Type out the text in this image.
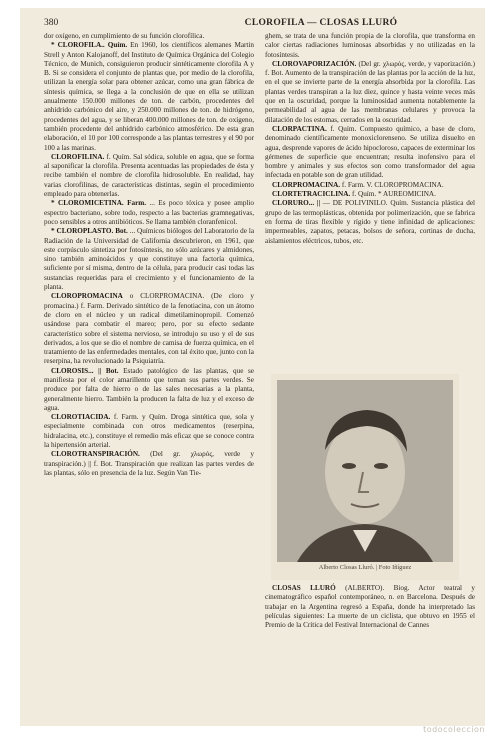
380	CLOROFILA — CLOSAS LLURÓ

dor oxígeno, en cumplimiento de su función clorofílica.

* CLOROFILA.. Quím. En 1960, los científicos alemanes Martin Strell y Anton Kalojanoff, del Instituto de Química Orgánica del Colegio Técnico, de Munich, consiguieron producir sintéticamente clorofila A y B. Si se considera el conjunto de plantas que, por medio de la clorofila, utilizan la energía solar para obtener azúcar, como una gran fábrica de síntesis química, se llega a la conclusión de que en ella se utilizan anualmente 150.000 millones de ton. de carbón, procedentes del anhídrido carbónico del aire, y 250.000 millones de ton. de hidrógeno, procedentes del agua, y se liberan 400.000 millones de ton. de oxígeno, también procedente del anhídrido carbónico atmosférico. De esta gran elaboración, el 10 por 100 corresponde a las plantas terrestres y el 90 por 100 a las marinas.

CLOROFILINA. f. Quím. Sal sódica, soluble en agua, que se forma al saponificar la clorofila. Presenta acentuadas las propiedades de ésta y recibe también el nombre de clorofila hidrosoluble. En realidad, hay varias clorofilinas, de características distintas, según el procedimiento empleado para obtenerlas.

* CLOROMICETINA. Farm. ... Es poco tóxica y posee amplio espectro bacteriano, sobre todo, respecto a las bacterias gramnegativas, poco sensibles a otros antibióticos. Se llama también cloranfenicol.

* CLOROPLASTO. Bot. ... Químicos biólogos del Laboratorio de la Radiación de la Universidad de California descubrieron, en 1961, que este corpúsculo sintetiza por fotosíntesis, no sólo azúcares y almidones, sino también aminoácidos y que constituye una factoría química, suficiente por sí misma, dentro de la célula, para producir casi todas las sustancias requeridas para el crecimiento y el funcionamiento de la planta.

CLOROPROMACINA o CLORPROMACINA. (De cloro y promacina.) f. Farm. Derivado sintético de la fenotiacina, con un átomo de cloro en el núcleo y un radical dimetilaminopropil. Comenzó usándose para combatir el mareo; pero, por su efecto sedante característico sobre el sistema nervioso, se introdujo su uso y el de sus derivados, a los que se dio el nombre de camisa de fuerza química, en el tratamiento de las enfermedades mentales, con tal éxito que, junto con la reserpina, ha revolucionado la Psiquiatría.

CLOROSIS... || Bot. Estado patológico de las plantas, que se manifiesta por el color amarillento que toman sus partes verdes. Se produce por falta de hierro o de las sales necesarias a la planta, generalmente hierro. También la producen la falta de luz y el exceso de agua.

CLOROTIACIDA. f. Farm. y Quím. Droga sintética que, sola y especialmente combinada con otros medicamentos (reserpina, hidralacina, etc.), constituye el remedio más eficaz que se conoce contra la hipertensión arterial.

CLOROTRANSPIRACIÓN. (Del gr. χλωρός, verde y transpiración.) || f. Bot. Transpiración que realizan las partes verdes de las plantas, sólo en presencia de la luz. Según Van Tie-

ghem, se trata de una función propia de la clorofila, que transforma en calor ciertas radiaciones luminosas absorbidas y no utilizadas en la fotosíntesis.

CLOROVAPORIZACIÓN. (Del gr. χλωρός, verde, y vaporización.) f. Bot. Aumento de la transpiración de las plantas por la acción de la luz, en el que se invierte parte de la energía absorbida por la clorofila. Las plantas verdes transpiran a la luz diez, quince y hasta veinte veces más que en la oscuridad, porque la luminosidad aumenta notablemente la permeabilidad al agua de las membranas celulares y provoca la dilatación de los estomas, cerrados en la oscuridad.

CLORPACTINA. f. Quím. Compuesto químico, a base de cloro, denominado científicamente monoxiclorenseno. Se utiliza disuelto en agua, desprende vapores de ácido hipocloroso, capaces de exterminar los gérmenes de superficie que encuentran; resulta inofensivo para el hombre y animales y sus efectos son como transformador del agua infectada en potable son de gran utilidad.

CLORPROMACINA. f. Farm. V. CLOROPROMACINA.

CLORTETRACICLINA. f. Quím. * AUREOMICINA.

CLORURO... || — DE POLIVINILO. Quím. Sustancia plástica del grupo de las termoplásticas, obtenida por polimerización, que se fabrica en forma de tiras flexible y rígido y tiene infinidad de aplicaciones: impermeables, zapatos, petacas, bolsos de señora, cortinas de ducha, aislamientos eléctricos, tubos, etc.

Alberto Closas Lluró. | Foto Iñíguez

CLOSAS LLURÓ (ALBERTO). Biog. Actor teatral y cinematográfico español contemporáneo, n. en Barcelona. Después de trabajar en la Argentina regresó a España, donde ha interpretado las películas siguientes: La muerte de un ciclista, que obtuvo en 1955 el Premio de la Crítica del Festival Internacional de Cannes

todocoleccion
